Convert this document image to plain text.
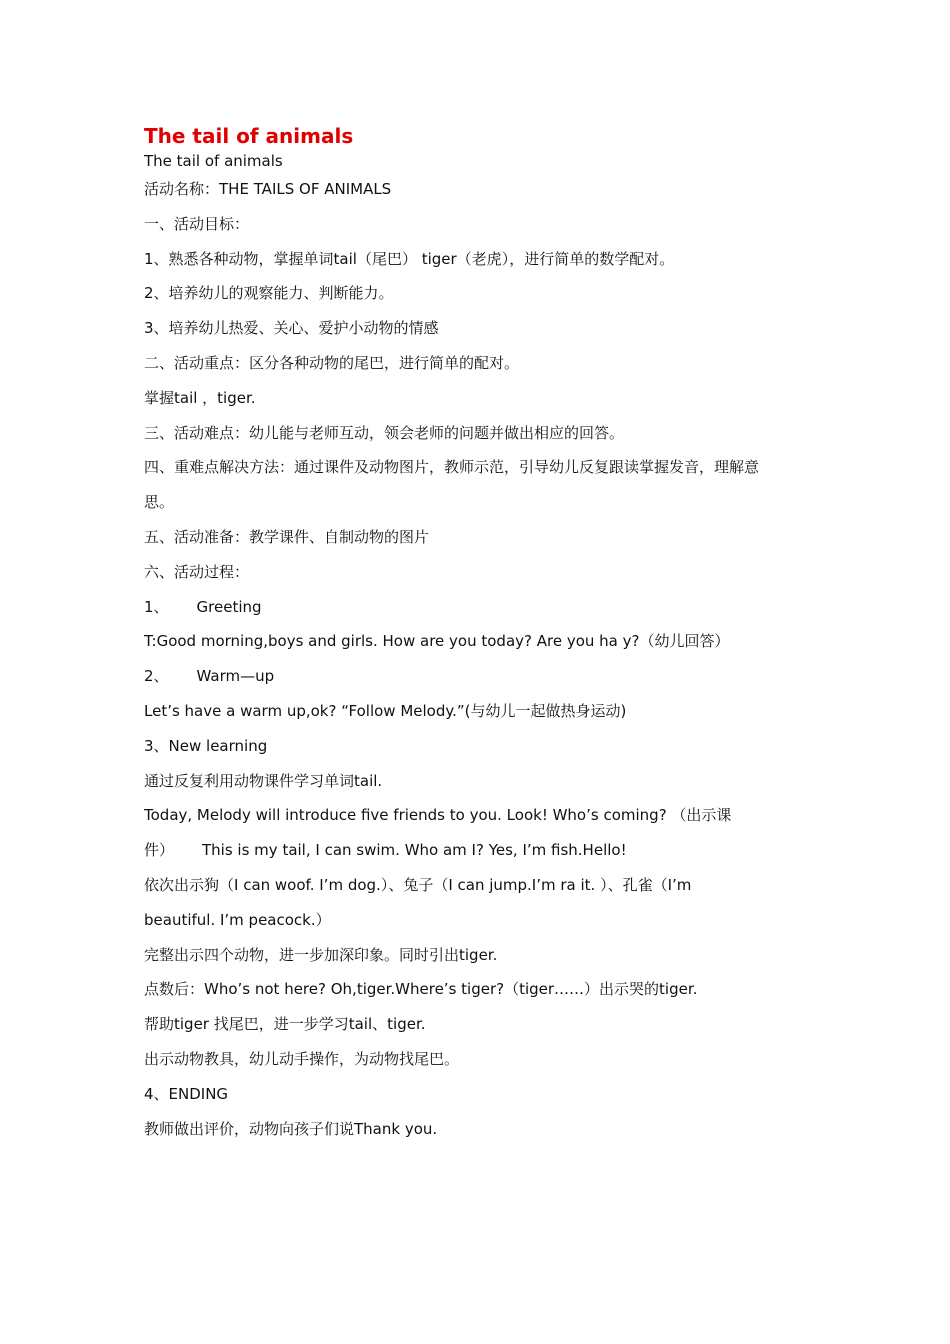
The tail of animals

The tail of animals

活动名称：THE TAILS OF ANIMALS

一、活动目标：

1、熟悉各种动物，掌握单词tail（尾巴） tiger（老虎），进行简单的数学配对。

2、培养幼儿的观察能力、判断能力。

3、培养幼儿热爱、关心、爱护小动物的情感

二、活动重点：区分各种动物的尾巴，进行简单的配对。

掌握tail ，tiger.

三、活动难点：幼儿能与老师互动，领会老师的问题并做出相应的回答。

四、重难点解决方法：通过课件及动物图片，教师示范，引导幼儿反复跟读掌握发音，理解意

思。

五、活动准备：教学课件、自制动物的图片

六、活动过程：

1、 Greeting

T:Good morning,boys and girls. How are you today? Are you ha y?（幼儿回答）

2、 Warm—up

Let’s have a warm up,ok? “Follow Melody.”(与幼儿一起做热身运动)

3、New learning

通过反复利用动物课件学习单词tail.

Today, Melody will introduce five friends to you. Look! Who’s coming? （出示课

件） This is my tail, I can swim. Who am I? Yes, I’m fish.Hello!

依次出示狗（I can woof. I’m dog.）、兔子（I can jump.I’m ra it. ）、孔雀（I’m

beautiful. I’m peacock.）

完整出示四个动物，进一步加深印象。同时引出tiger.

点数后：Who’s not here? Oh,tiger.Where’s tiger?（tiger……）出示哭的tiger.

帮助tiger 找尾巴，进一步学习tail、tiger.

出示动物教具，幼儿动手操作，为动物找尾巴。

4、ENDING

教师做出评价，动物向孩子们说Thank you.
